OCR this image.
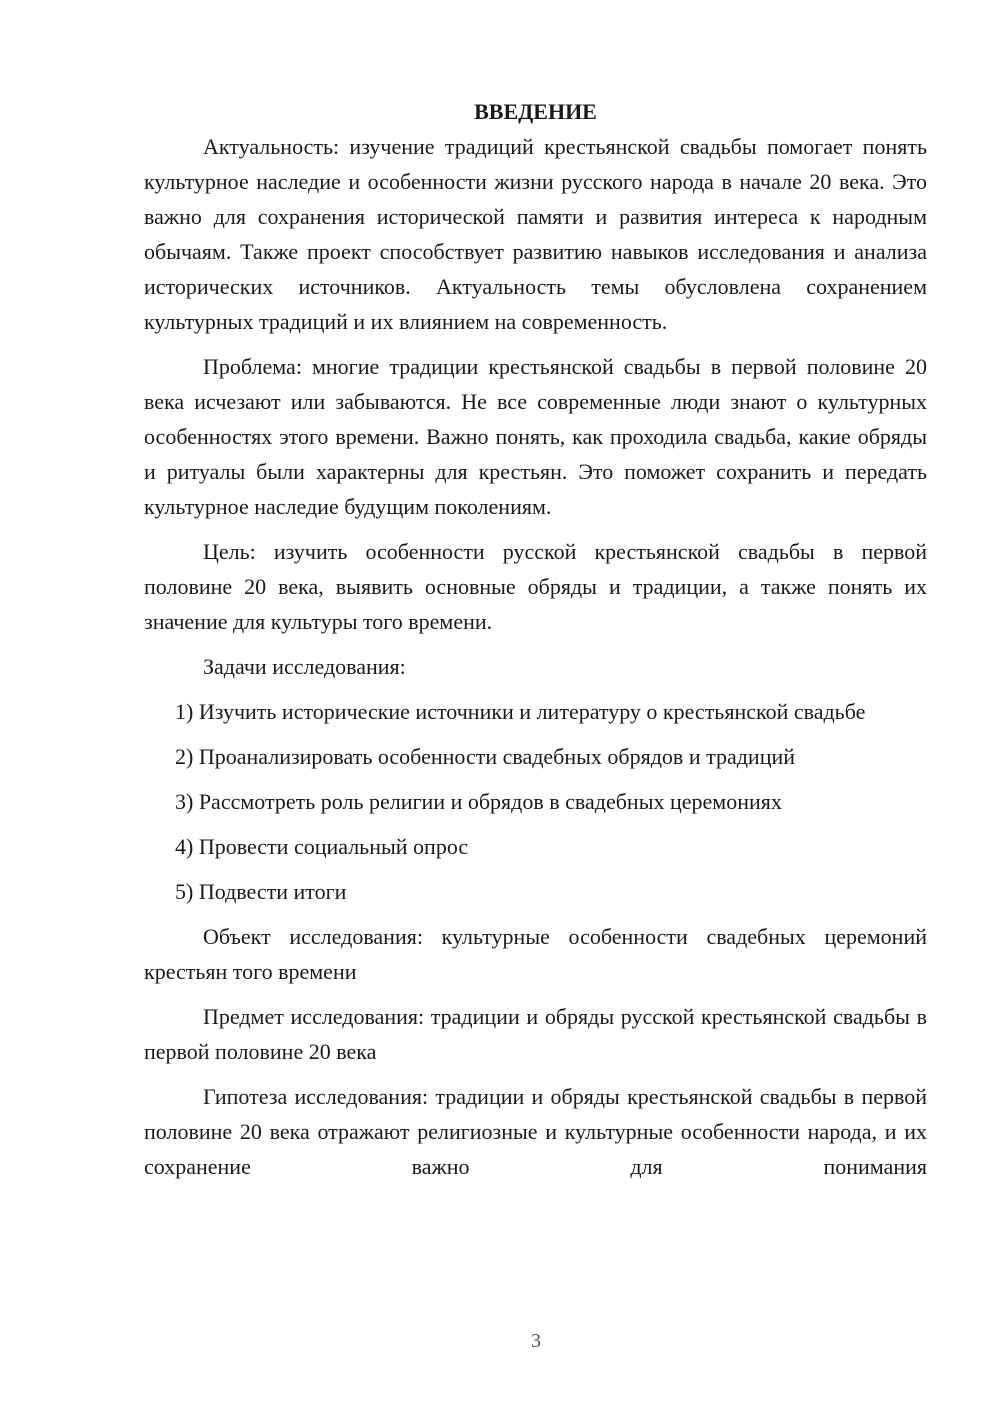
ВВЕДЕНИЕ

Актуальность: изучение традиций крестьянской свадьбы помогает понять культурное наследие и особенности жизни русского народа в начале 20 века. Это важно для сохранения исторической памяти и развития интереса к народным обычаям. Также проект способствует развитию навыков исследования и анализа исторических источников. Актуальность темы обусловлена сохранением культурных традиций и их влиянием на современность.

Проблема: многие традиции крестьянской свадьбы в первой половине 20 века исчезают или забываются. Не все современные люди знают о культурных особенностях этого времени. Важно понять, как проходила свадьба, какие обряды и ритуалы были характерны для крестьян. Это поможет сохранить и передать культурное наследие будущим поколениям.

Цель: изучить особенности русской крестьянской свадьбы в первой половине 20 века, выявить основные обряды и традиции, а также понять их значение для культуры того времени.

Задачи исследования:

1) Изучить исторические источники и литературу о крестьянской свадьбе

2) Проанализировать особенности свадебных обрядов и традиций

3) Рассмотреть роль религии и обрядов в свадебных церемониях

4) Провести социальный опрос

5) Подвести итоги

Объект исследования: культурные особенности свадебных церемоний крестьян того времени

Предмет исследования: традиции и обряды русской крестьянской свадьбы в первой половине 20 века

Гипотеза исследования: традиции и обряды крестьянской свадьбы в первой половине 20 века отражают религиозные и культурные особенности народа, и их сохранение важно для понимания

3
